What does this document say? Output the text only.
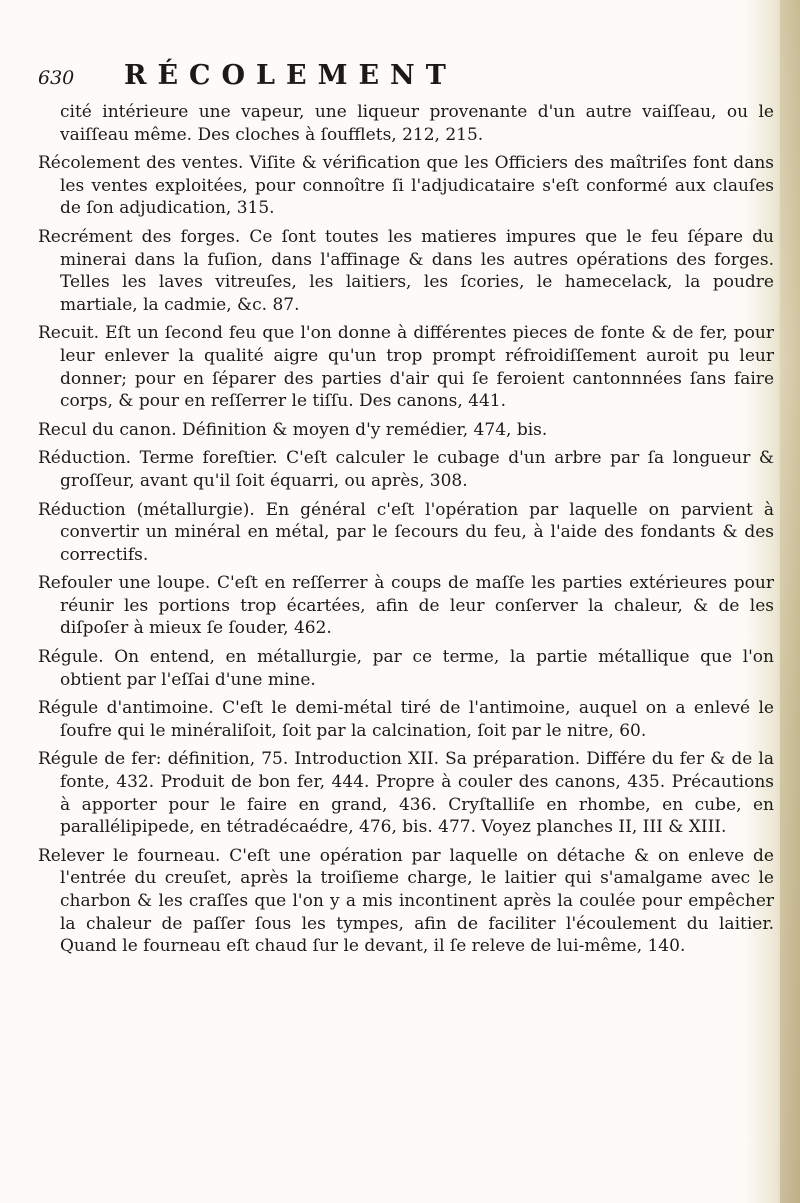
630	RÉCOLEMENT

cité intérieure une vapeur, une liqueur provenante d'un autre vaiſſeau, ou le vaiſſeau même. Des cloches à ſoufflets, 212, 215.

Récolement des ventes. Viſite & vérification que les Officiers des maîtriſes font dans les ventes exploitées, pour connoître ſi l'adjudicataire s'eſt conformé aux clauſes de ſon adjudication, 315.

Recrément des forges. Ce ſont toutes les matieres impures que le feu ſépare du minerai dans la fuſion, dans l'affinage & dans les autres opérations des forges. Telles les laves vitreuſes, les laitiers, les ſcories, le hamecelack, la poudre martiale, la cadmie, &c. 87.

Recuit. Eſt un ſecond feu que l'on donne à différentes pieces de fonte & de fer, pour leur enlever la qualité aigre qu'un trop prompt réfroidiſſement auroit pu leur donner; pour en ſéparer des parties d'air qui ſe feroient cantonnnées ſans faire corps, & pour en reſſerrer le tiſſu. Des canons, 441.

Recul du canon. Définition & moyen d'y remédier, 474, bis.

Réduction. Terme foreſtier. C'eſt calculer le cubage d'un arbre par ſa longueur & groſſeur, avant qu'il ſoit équarri, ou après, 308.

Réduction (métallurgie). En général c'eſt l'opération par laquelle on parvient à convertir un minéral en métal, par le ſecours du feu, à l'aide des fondants & des correctifs.

Refouler une loupe. C'eſt en reſſerrer à coups de maſſe les parties extérieures pour réunir les portions trop écartées, afin de leur conſerver la chaleur, & de les diſpoſer à mieux ſe ſouder, 462.

Régule. On entend, en métallurgie, par ce terme, la partie métallique que l'on obtient par l'eſſai d'une mine.

Régule d'antimoine. C'eſt le demi-métal tiré de l'antimoine, auquel on a enlevé le ſoufre qui le minéraliſoit, ſoit par la calcination, ſoit par le nitre, 60.

Régule de fer: définition, 75. Introduction XII. Sa préparation. Différe du fer & de la fonte, 432. Produit de bon fer, 444. Propre à couler des canons, 435. Précautions à apporter pour le faire en grand, 436. Cryſtalliſe en rhombe, en cube, en parallélipipede, en tétradécaédre, 476, bis. 477. Voyez planches II, III & XIII.

Relever le fourneau. C'eſt une opération par laquelle on détache & on enleve de l'entrée du creuſet, après la troiſieme charge, le laitier qui s'amalgame avec le charbon & les craſſes que l'on y a mis incontinent après la coulée pour empêcher la chaleur de paſſer ſous les tympes, afin de faciliter l'écoulement du laitier. Quand le fourneau eſt chaud ſur le devant, il ſe releve de lui-même, 140.
